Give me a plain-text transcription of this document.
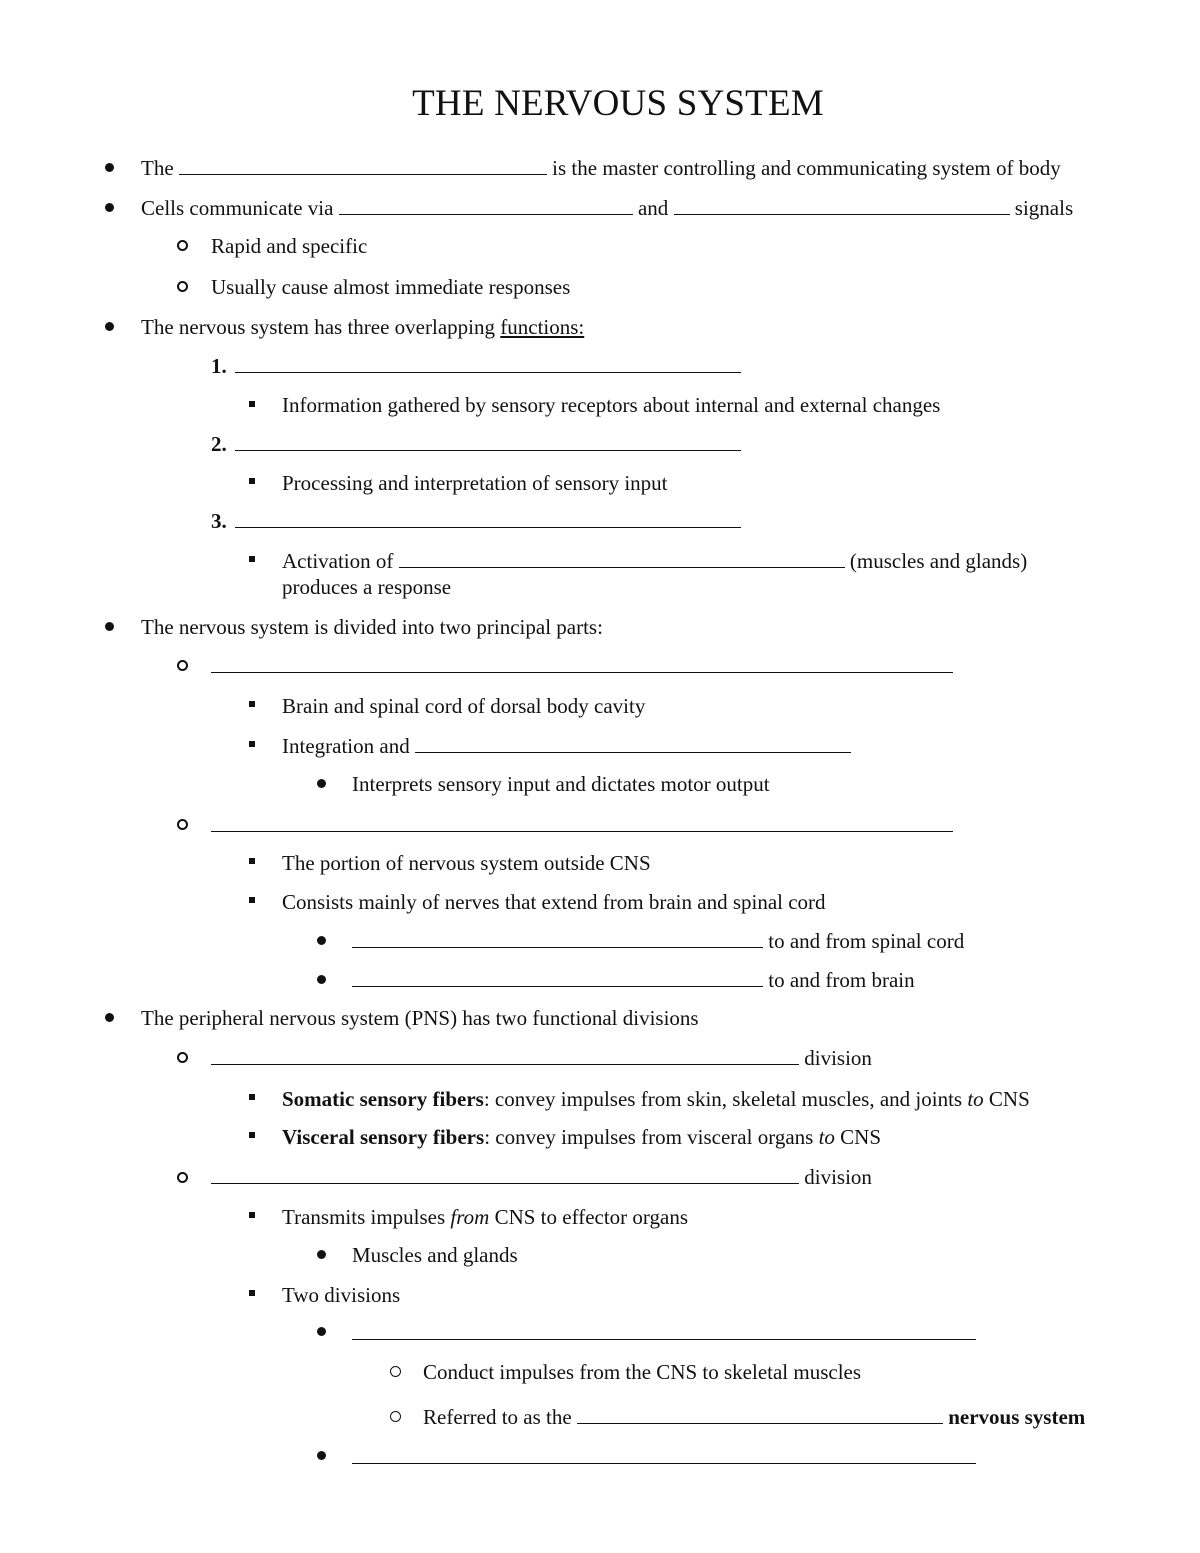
THE NERVOUS SYSTEM
The	is the master controlling and communicating system of body
Cells communicate via	and	signals
Rapid and specific
Usually cause almost immediate responses
The nervous system has three overlapping functions:
1.
Information gathered by sensory receptors about internal and external changes
2.
Processing and interpretation of sensory input
3.
Activation of	(muscles and glands)
produces a response
The nervous system is divided into two principal parts:
Brain and spinal cord of dorsal body cavity
Integration and
Interprets sensory input and dictates motor output
The portion of nervous system outside CNS
Consists mainly of nerves that extend from brain and spinal cord
to and from spinal cord
to and from brain
The peripheral nervous system (PNS) has two functional divisions
division
Somatic sensory fibers: convey impulses from skin, skeletal muscles, and joints to CNS
Visceral sensory fibers: convey impulses from visceral organs to CNS
division
Transmits impulses from CNS to effector organs
Muscles and glands
Two divisions
Conduct impulses from the CNS to skeletal muscles
Referred to as the	nervous system
